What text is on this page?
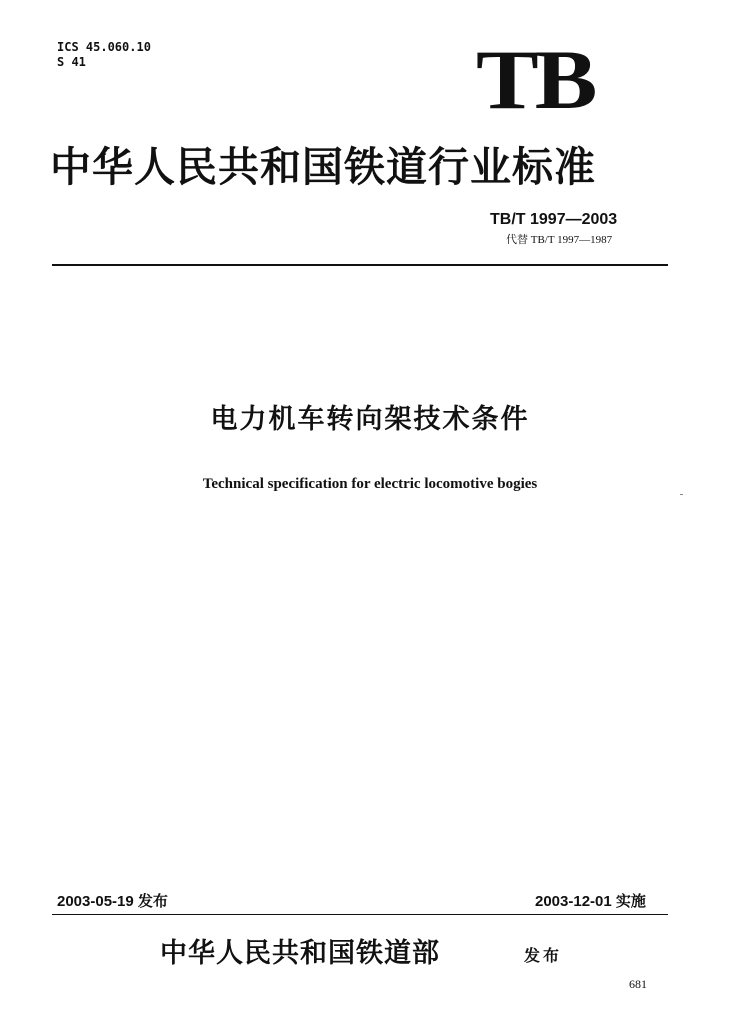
ICS 45.060.10
S 41	TB
中华人民共和国铁道行业标准
TB/T 1997—2003
代替 TB/T 1997—1987
电力机车转向架技术条件
Technical specification for electric locomotive bogies
2003-05-19 发布	2003-12-01 实施
中华人民共和国铁道部	发布
681
